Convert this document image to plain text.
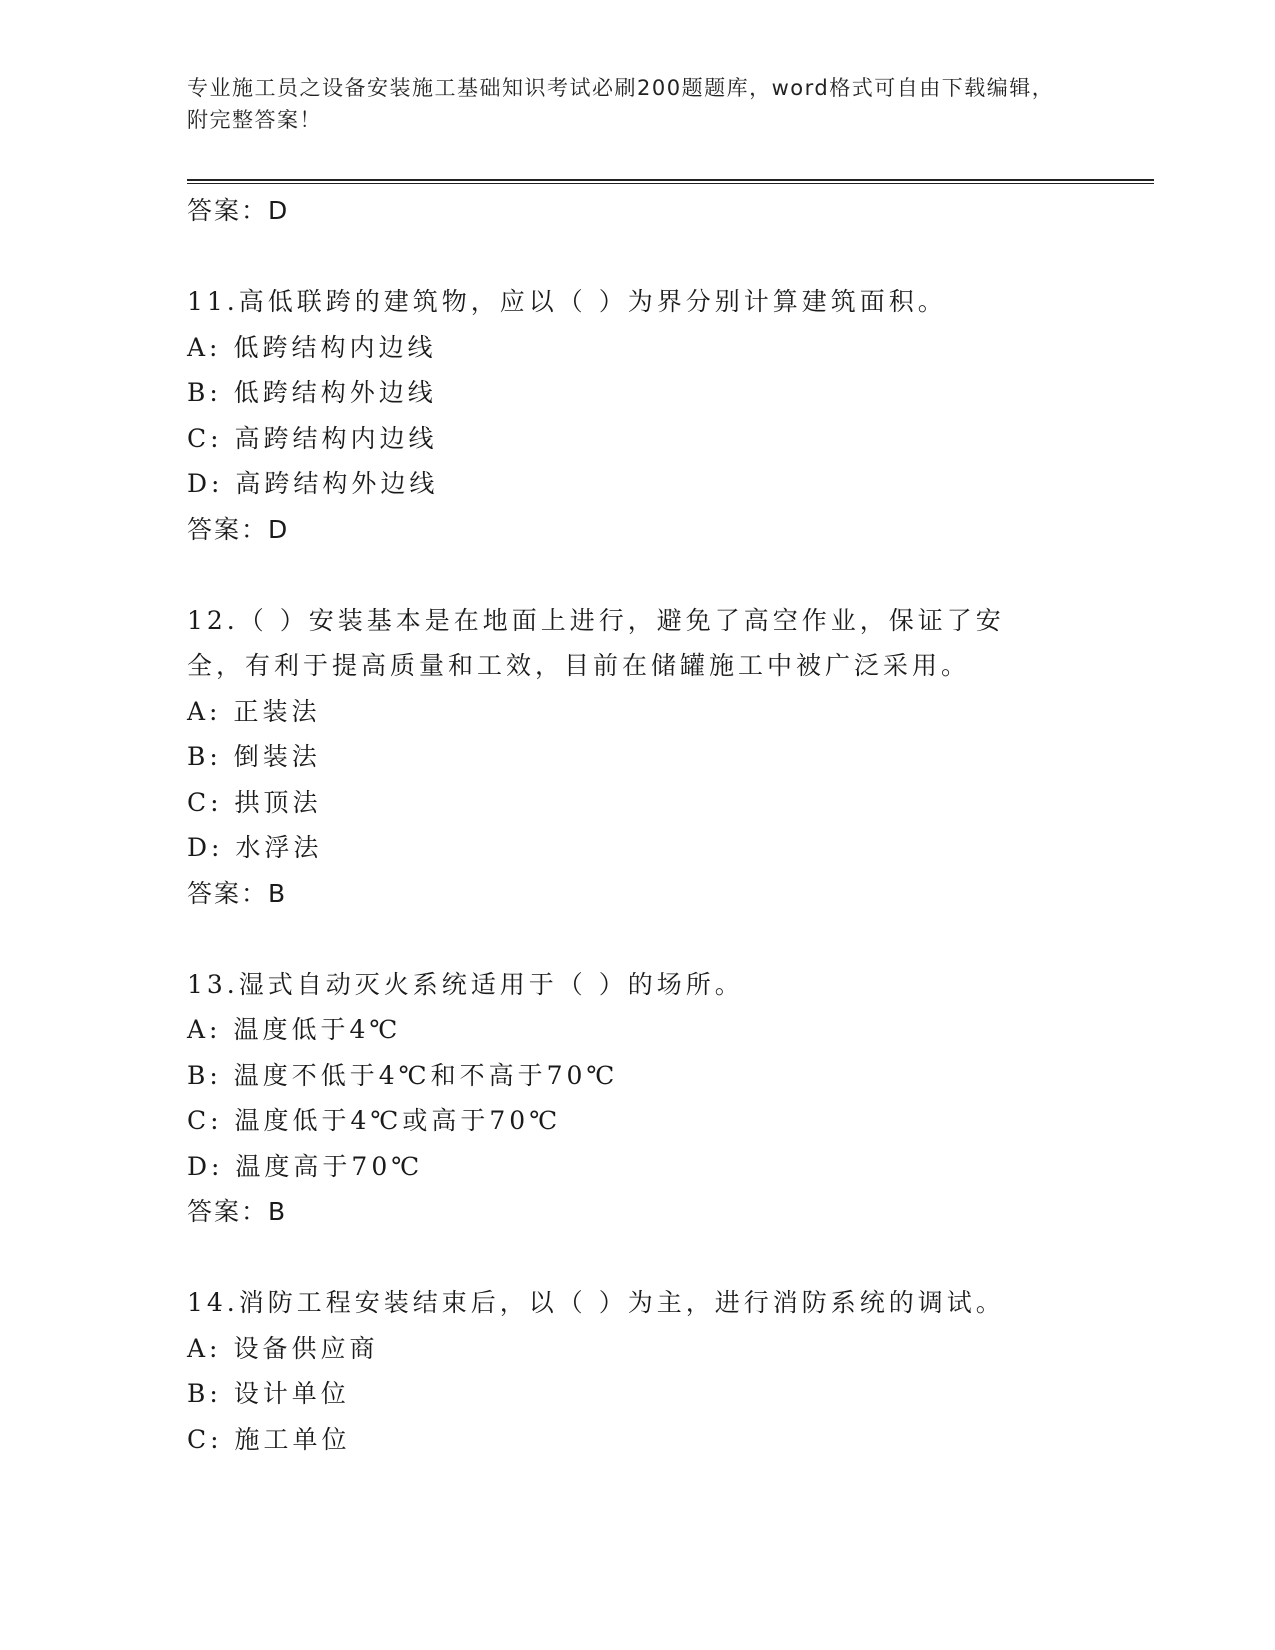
专业施工员之设备安装施工基础知识考试必刷200题题库，word格式可自由下载编辑，附完整答案！
答案：D
11.高低联跨的建筑物，应以（ ）为界分别计算建筑面积。
A: 低跨结构内边线
B: 低跨结构外边线
C: 高跨结构内边线
D: 高跨结构外边线
答案：D
12.（ ）安装基本是在地面上进行，避免了高空作业，保证了安全，有利于提高质量和工效，目前在储罐施工中被广泛采用。
A: 正装法
B: 倒装法
C: 拱顶法
D: 水浮法
答案：B
13.湿式自动灭火系统适用于（ ）的场所。
A: 温度低于4℃
B: 温度不低于4℃和不高于70℃
C: 温度低于4℃或高于70℃
D: 温度高于70℃
答案：B
14.消防工程安装结束后，以（ ）为主，进行消防系统的调试。
A: 设备供应商
B: 设计单位
C: 施工单位
